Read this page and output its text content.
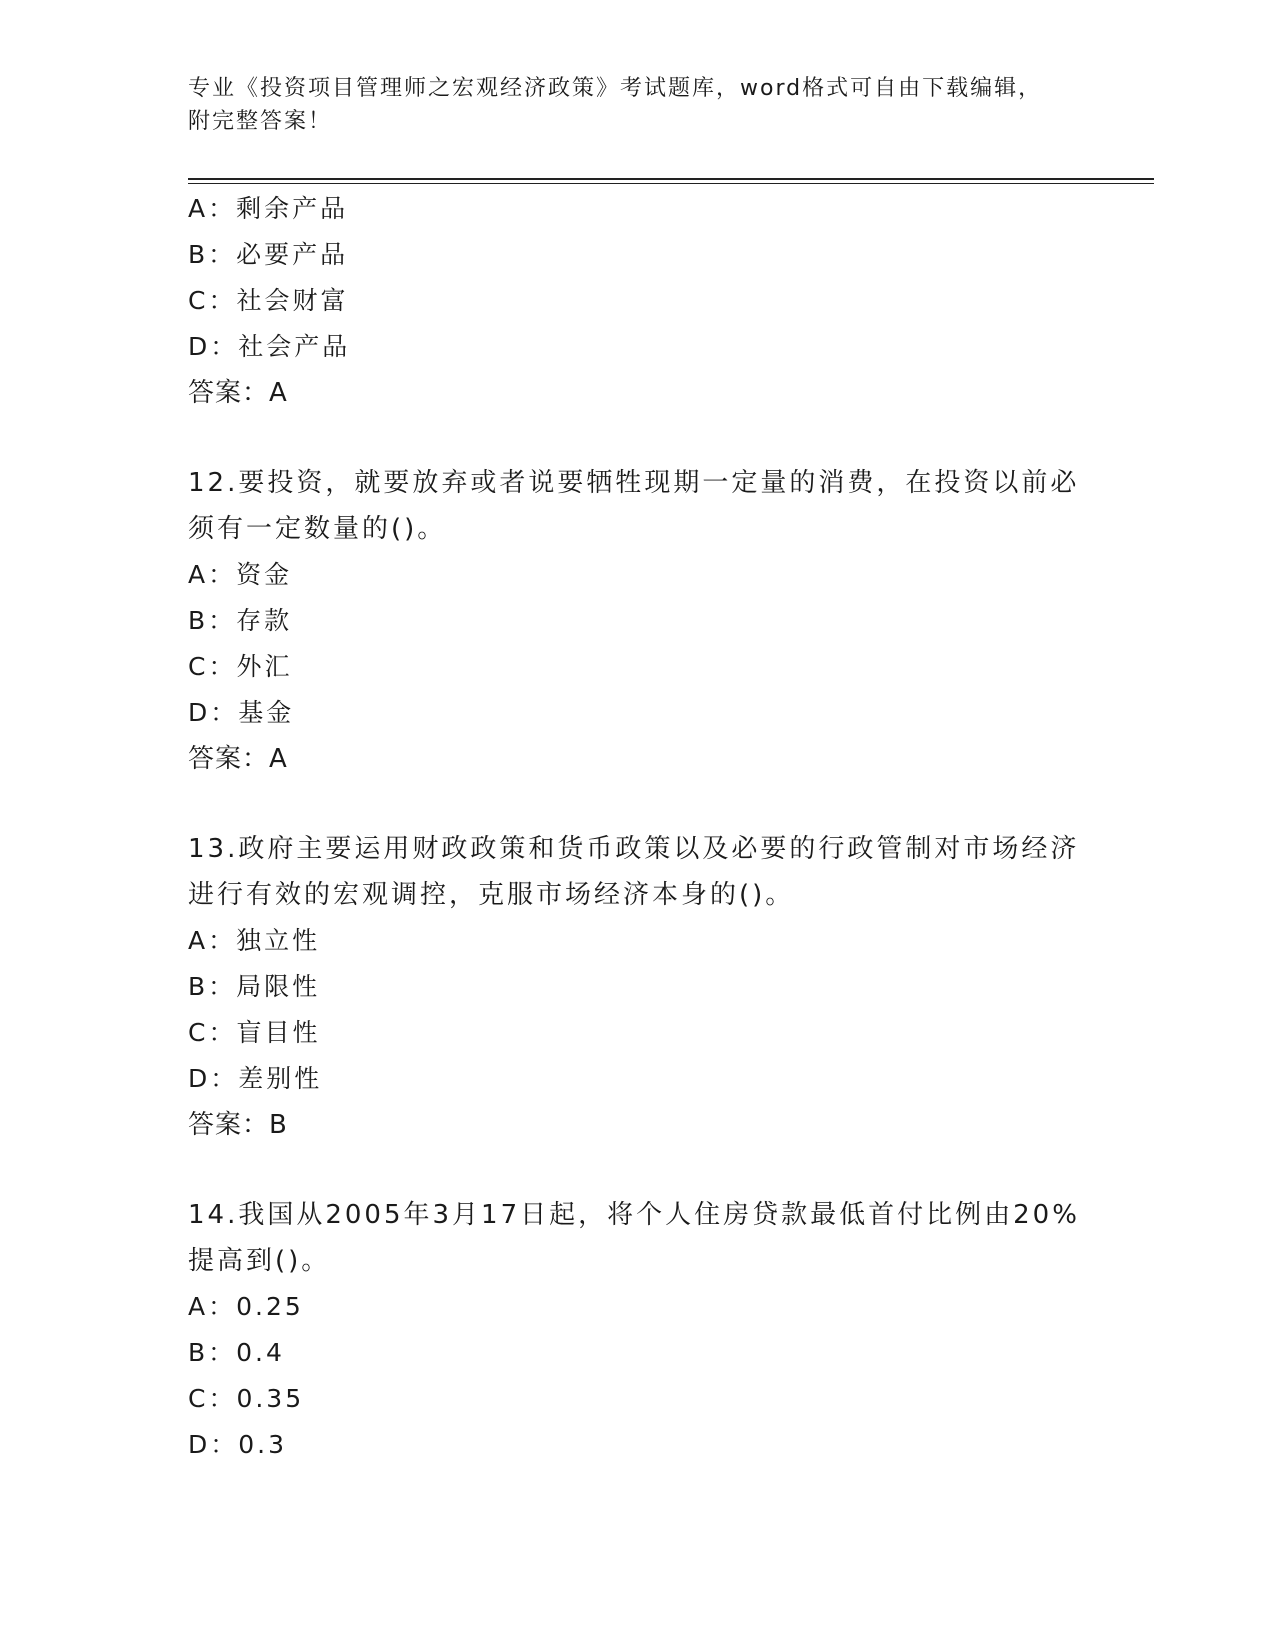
专业《投资项目管理师之宏观经济政策》考试题库，word格式可自由下载编辑，
附完整答案！
A：剩余产品
B：必要产品
C：社会财富
D：社会产品
答案：A
12.要投资，就要放弃或者说要牺牲现期一定量的消费，在投资以前必须有一定数量的()。
A：资金
B：存款
C：外汇
D：基金
答案：A
13.政府主要运用财政政策和货币政策以及必要的行政管制对市场经济进行有效的宏观调控，克服市场经济本身的()。
A：独立性
B：局限性
C：盲目性
D：差别性
答案：B
14.我国从2005年3月17日起，将个人住房贷款最低首付比例由20%提高到()。
A：0.25
B：0.4
C：0.35
D：0.3
